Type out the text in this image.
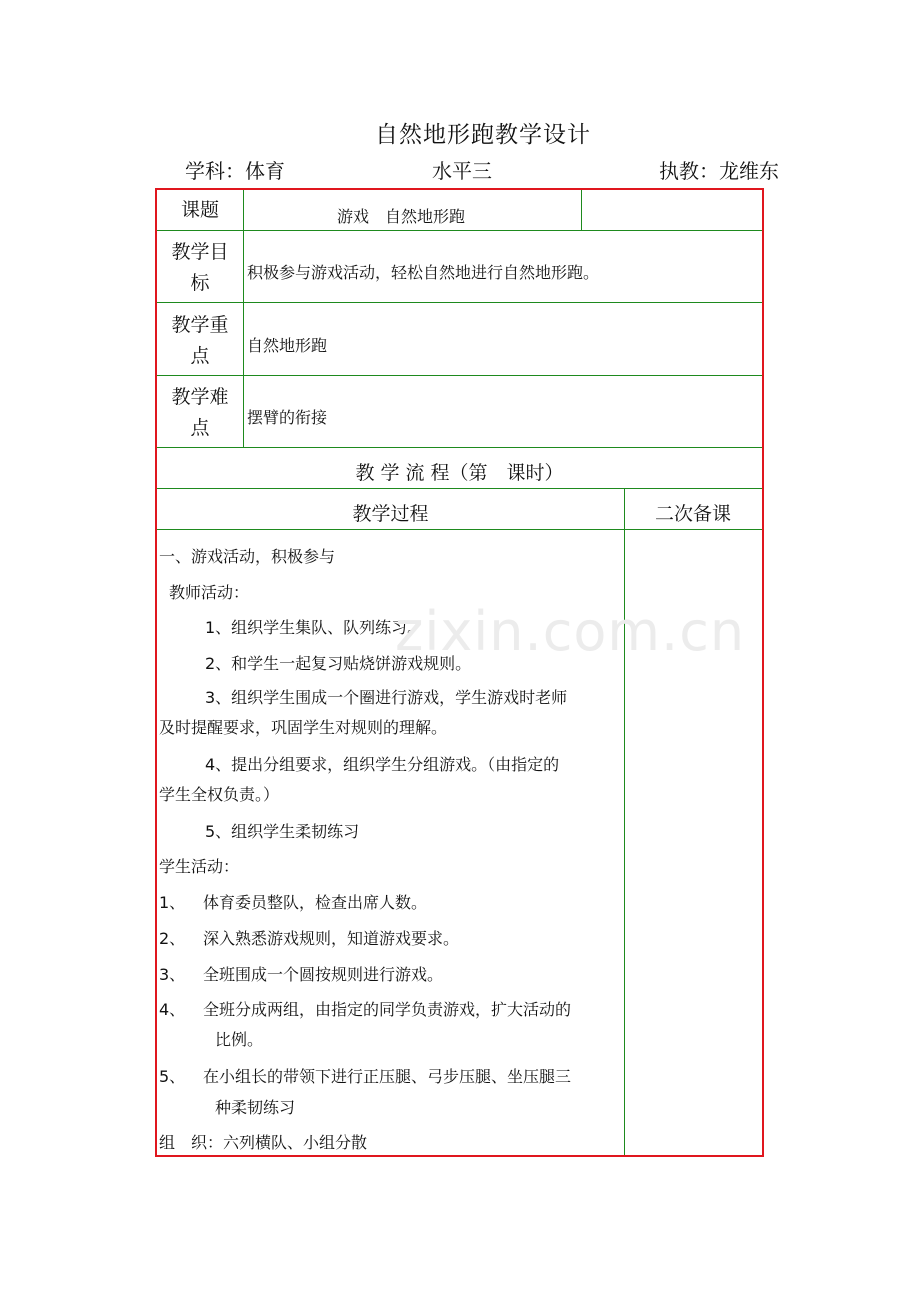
自然地形跑教学设计
学科：体育	水平三	执教：龙维东
课题	游戏　自然地形跑
教学目
标	积极参与游戏活动，轻松自然地进行自然地形跑。
教学重
点	自然地形跑
教学难
点	摆臂的衔接
教 学 流 程（第　课时）
教学过程	二次备课
一、游戏活动，积极参与
教师活动：
1、组织学生集队、队列练习。
2、和学生一起复习贴烧饼游戏规则。
3、组织学生围成一个圈进行游戏，学生游戏时老师
及时提醒要求，巩固学生对规则的理解。
4、提出分组要求，组织学生分组游戏。（由指定的
学生全权负责。）
5、组织学生柔韧练习
学生活动：
1、 体育委员整队，检查出席人数。
2、 深入熟悉游戏规则，知道游戏要求。
3、 全班围成一个圆按规则进行游戏。
4、 全班分成两组，由指定的同学负责游戏，扩大活动的
比例。
5、 在小组长的带领下进行正压腿、弓步压腿、坐压腿三
种柔韧练习
组　织：六列横队、小组分散
zixin.com.cn
